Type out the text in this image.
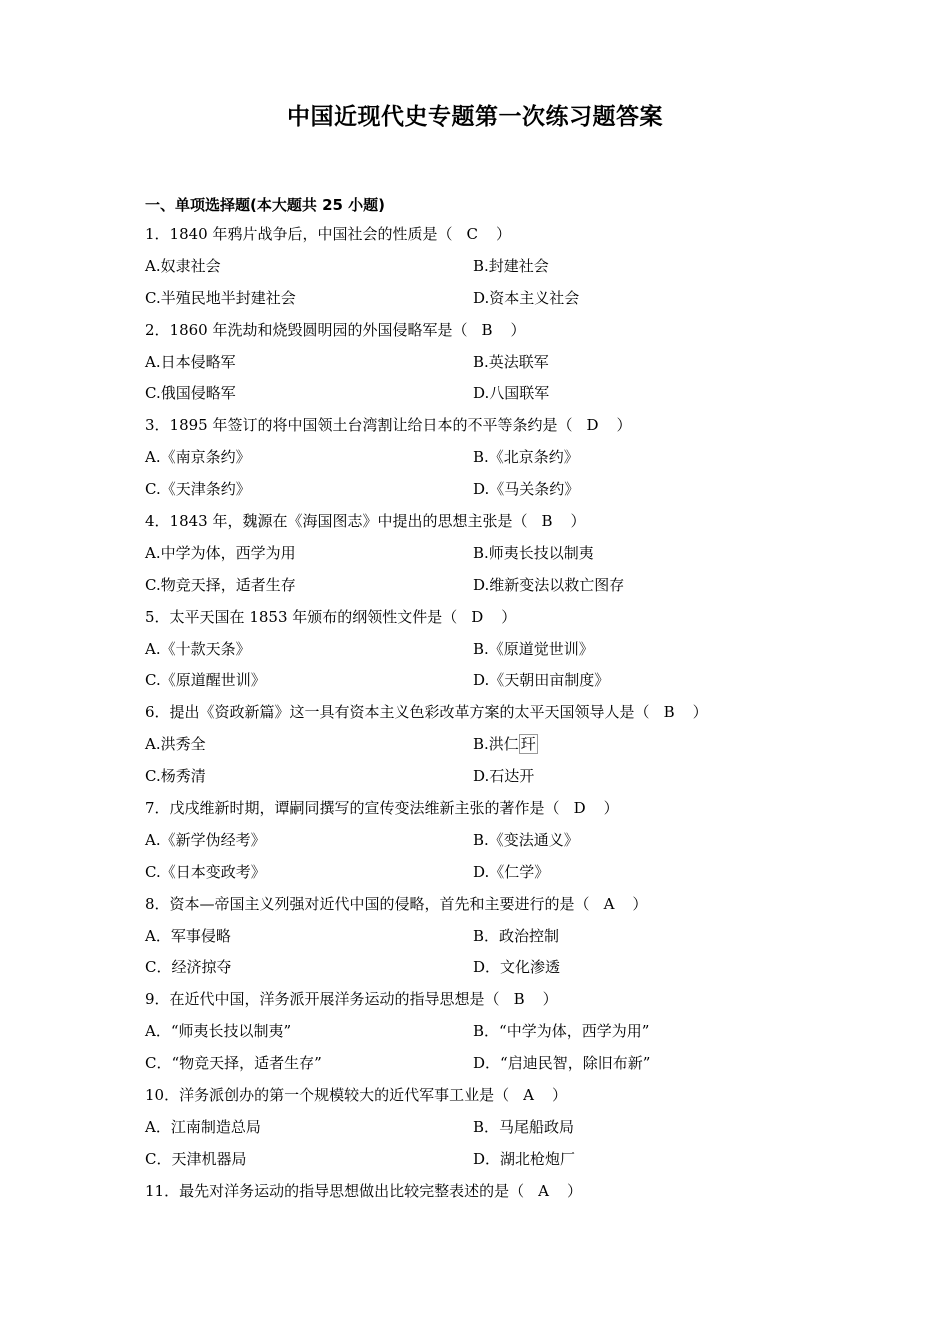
中国近现代史专题第一次练习题答案
一、单项选择题(本大题共 25 小题)
1．1840 年鸦片战争后，中国社会的性质是（ C ）
A.奴隶社会	B.封建社会
C.半殖民地半封建社会	D.资本主义社会
2．1860 年洗劫和烧毁圆明园的外国侵略军是（ B ）
A.日本侵略军	B.英法联军
C.俄国侵略军	D.八国联军
3．1895 年签订的将中国领土台湾割让给日本的不平等条约是（ D ）
A.《南京条约》	B.《北京条约》
C.《天津条约》	D.《马关条约》
4．1843 年，魏源在《海国图志》中提出的思想主张是（ B ）
A.中学为体，西学为用	B.师夷长技以制夷
C.物竞天择，适者生存	D.维新变法以救亡图存
5．太平天国在 1853 年颁布的纲领性文件是（ D ）
A.《十款天条》	B.《原道觉世训》
C.《原道醒世训》	D.《天朝田亩制度》
6．提出《资政新篇》这一具有资本主义色彩改革方案的太平天国领导人是（ B ）
A.洪秀全	B.洪仁 玕
C.杨秀清	D.石达开
7．戊戌维新时期，谭嗣同撰写的宣传变法维新主张的著作是（ D ）
A.《新学伪经考》	B.《变法通义》
C.《日本变政考》	D.《仁学》
8．资本—帝国主义列强对近代中国的侵略，首先和主要进行的是（ A ）
A．军事侵略	B．政治控制
C．经济掠夺	D．文化渗透
9．在近代中国，洋务派开展洋务运动的指导思想是（ B ）
A．“师夷长技以制夷”	B．“中学为体，西学为用”
C．“物竞天择，适者生存”	D．“启迪民智，除旧布新”
10．洋务派创办的第一个规模较大的近代军事工业是（ A ）
A．江南制造总局	B．马尾船政局
C．天津机器局	D．湖北枪炮厂
11．最先对洋务运动的指导思想做出比较完整表述的是（ A ）
